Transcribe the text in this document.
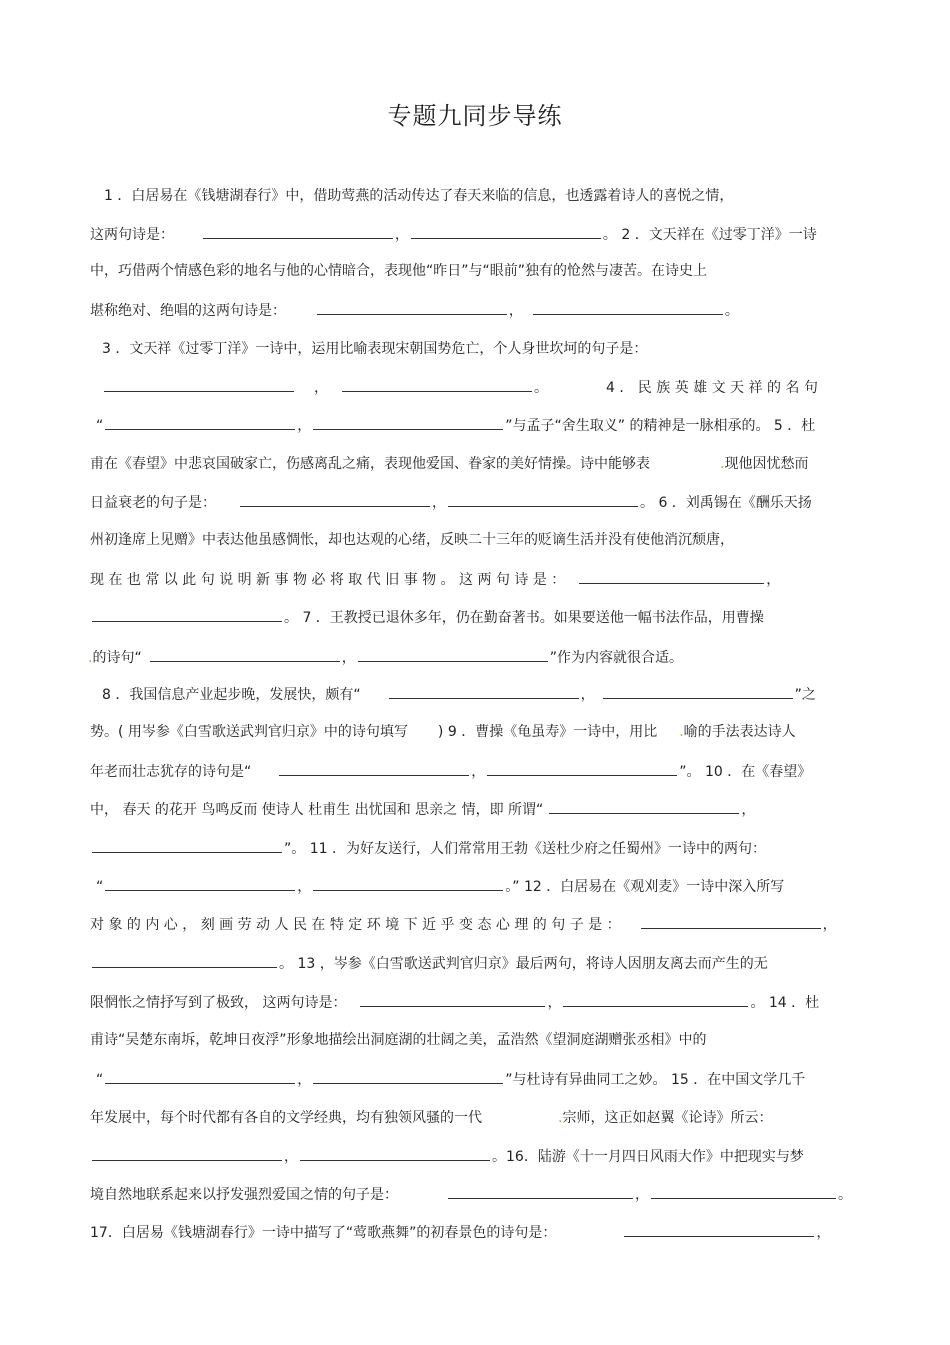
专题九同步导练
1 ．白居易在《钱塘湖春行》中，借助莺燕的活动传达了春天来临的信息，也透露着诗人的喜悦之情，
这两句诗是：	，	。 2 ．文天祥在《过零丁洋》一诗
中，巧借两个情感色彩的地名与他的心情暗合，表现他“昨日”与“眼前”独有的怆然与凄苦。在诗史上
堪称绝对、绝唱的这两句诗是：	，	。
3 ．文天祥《过零丁洋》一诗中，运用比喻表现宋朝国势危亡，个人身世坎坷的句子是：
，	。	4 ． 民 族 英 雄 文 天 祥 的 名 句
“	，	”与孟子“舍生取义” 的精神是一脉相承的。 5 ．杜
甫在《春望》中悲哀国破家亡，伤感离乱之痛，表现他爱国、眷家的美好情操。诗中能够表	.现他因忧愁而
日益衰老的句子是：	，	。 6 ．刘禹锡在《酬乐天扬
州初逢席上见赠》中表达他虽感惆怅，却也达观的心绪，反映二十三年的贬谪生活并没有使他消沉颓唐，
现 在 也 常 以 此 句 说 明 新 事 物 必 将 取 代 旧 事 物 。 这 两 句 诗 是 ：	，
。 7 ．王教授已退休多年，仍在勤奋著书。如果要送他一幅书法作品，用曹操
.的诗句“	，	”作为内容就很合适。
8 ．我国信息产业起步晚，发展快，颇有“	，	”之
势。( 用岑参《白雪歌送武判官归京》中的诗句填写 ) 9 ．曹操《龟虽寿》一诗中，用比 .喻的手法表达诗人
年老而壮志犹存的诗句是“	，	”。 10 ．在《春望》
中， 春天 的花开 鸟鸣反而 使诗人 杜甫生 出忧国和 思亲之 情，即 所谓“	，
”。 11 ．为好友送行，人们常常用王勃《送杜少府之任蜀州》一诗中的两句：
“	，	。” 12 ．白居易在《观刈麦》一诗中深入所写
对 象 的 内 心 ， 刻 画 劳 动 人 民 在 特 定 环 境 下 近 乎 变 态 心 理 的 句 子 是 ：	，
。 13 ，岑参《白雪歌送武判官归京》最后两句，将诗人因朋友离去而产生的无
限惘怅之情抒写到了极致， 这两句诗是：	，	。 14 ．杜
甫诗“吴楚东南坼，乾坤日夜浮”形象地描绘出洞庭湖的壮阔之美，孟浩然《望洞庭湖赠张丞相》中的
“	，	”与杜诗有异曲同工之妙。 15 ．在中国文学几千
年发展中，每个时代都有各自的文学经典，均有独领风骚的一代	.宗师，这正如赵翼《论诗》所云：
，	。16．陆游《十一月四日风雨大作》中把现实与梦
境自然地联系起来以抒发强烈爱国之情的句子是：	，	。
17．白居易《钱塘湖春行》一诗中描写了“莺歌燕舞”的初春景色的诗句是：	，
